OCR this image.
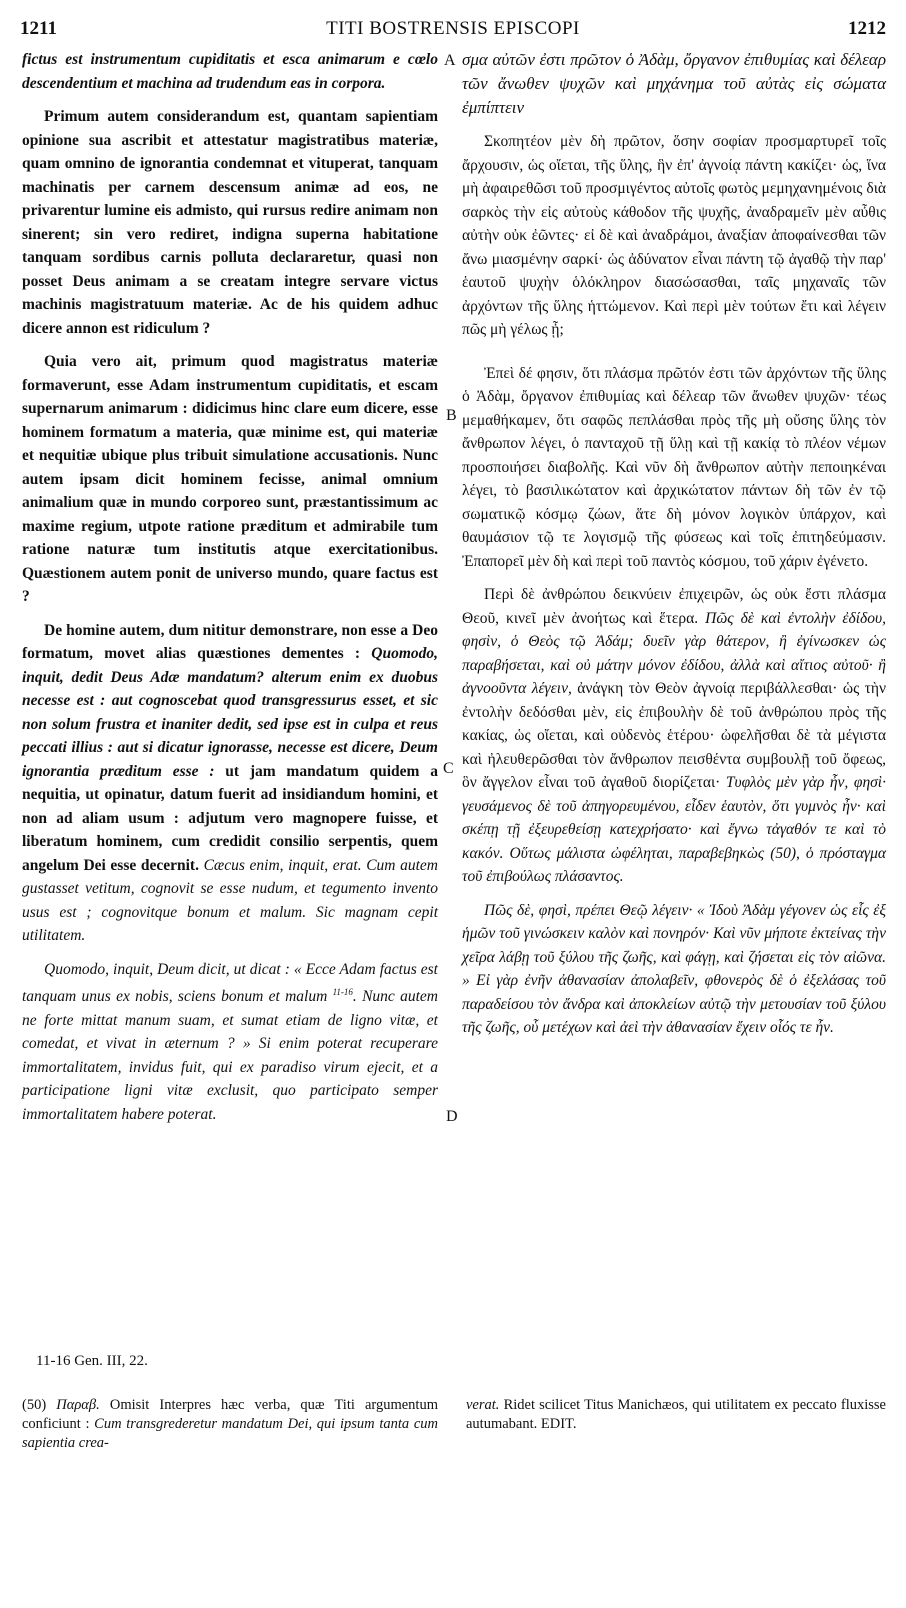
1211	TITI BOSTRENSIS EPISCOPI	1212

fictus est instrumentum cupiditatis et esca animarum e cœlo descendentium et machina ad trudendum eas in corpora.

Primum autem considerandum est, quantam sapientiam opinione sua ascribit et attestatur magistratibus materiæ, quam omnino de ignorantia condemnat et vituperat, tanquam machinatis per carnem descensum animæ ad eos, ne privarentur lumine eis admisto, qui rursus redire animam non sinerent; sin vero rediret, indigna superna habitatione tanquam sordibus carnis polluta declararetur, quasi non posset Deus animam a se creatam integre servare victus machinis magistratuum materiæ. Ac de his quidem adhuc dicere annon est ridiculum ?

Quia vero ait, primum quod magistratus materiæ formaverunt, esse Adam instrumentum cupiditatis, et escam supernarum animarum : didicimus hinc clare eum dicere, esse hominem formatum a materia, quæ minime est, qui materiæ et nequitiæ ubique plus tribuit simulatione accusationis. Nunc autem ipsam dicit hominem fecisse, animal omnium animalium quæ in mundo corporeo sunt, præstantissimum ac maxime regium, utpote ratione præditum et admirabile tum ratione naturæ tum institutis atque exercitationibus. Quæstionem autem ponit de universo mundo, quare factus est ?

De homine autem, dum nititur demonstrare, non esse a Deo formatum, movet alias quæstiones dementes : Quomodo, inquit, dedit Deus Adæ mandatum? alterum enim ex duobus necesse est : aut cognoscebat quod transgressurus esset, et sic non solum frustra et inaniter dedit, sed ipse est in culpa et reus peccati illius : aut si dicatur ignorasse, necesse est dicere, Deum ignorantia præditum esse : ut jam mandatum quidem a nequitia, ut opinatur, datum fuerit ad insidiandum homini, et non ad aliam usum : adjutum vero magnopere fuisse, et liberatum hominem, cum credidit consilio serpentis, quem angelum Dei esse decernit. Cæcus enim, inquit, erat. Cum autem gustasset vetitum, cognovit se esse nudum, et tegumento invento usus est ; cognovitque bonum et malum. Sic magnam cepit utilitatem.

Quomodo, inquit, Deum dicit, ut dicat : « Ecce Adam factus est tanquam unus ex nobis, sciens bonum et malum $^{11-16}$. Nunc autem ne forte mittat manum suam, et sumat etiam de ligno vitæ, et comedat, et vivat in æternum ? » Si enim poterat recuperare immortalitatem, invidus fuit, qui ex paradiso virum ejecit, et a participatione ligni vitæ exclusit, quo participato semper immortalitatem habere poterat.

A
B
C
D

σμα αὐτῶν ἐστι πρῶτον ὁ Ἀδὰμ, ὄργανον ἐπιθυμίας καὶ δέλεαρ τῶν ἄνωθεν ψυχῶν καὶ μηχάνημα τοῦ αὐτὰς εἰς σώματα ἐμπίπτειν

Σκοπητέον μὲν δὴ πρῶτον, ὅσην σοφίαν προσμαρτυρεῖ τοῖς ἄρχουσιν, ὡς οἴεται, τῆς ὕλης, ἣν ἐπ' ἀγνοίᾳ πάντη κακίζει· ὡς, ἵνα μὴ ἀφαιρεθῶσι τοῦ προσμιγέντος αὐτοῖς φωτὸς μεμηχανημένοις διὰ σαρκὸς τὴν εἰς αὐτοὺς κάθοδον τῆς ψυχῆς, ἀναδραμεῖν μὲν αὖθις αὐτὴν οὐκ ἐῶντες· εἰ δὲ καὶ ἀναδράμοι, ἀναξίαν ἀποφαίνεσθαι τῶν ἄνω μιασμένην σαρκί· ὡς ἀδύνατον εἶναι πάντη τῷ ἀγαθῷ τὴν παρ' ἑαυτοῦ ψυχὴν ὁλόκληρον διασώσασθαι, ταῖς μηχαναῖς τῶν ἀρχόντων τῆς ὕλης ἡττώμενον. Καὶ περὶ μὲν τούτων ἔτι καὶ λέγειν πῶς μὴ γέλως ᾖ;

Ἐπεὶ δέ φησιν, ὅτι πλάσμα πρῶτόν ἐστι τῶν ἀρχόντων τῆς ὕλης ὁ Ἀδὰμ, ὄργανον ἐπιθυμίας καὶ δέλεαρ τῶν ἄνωθεν ψυχῶν· τέως μεμαθήκαμεν, ὅτι σαφῶς πεπλάσθαι πρὸς τῆς μὴ οὔσης ὕλης τὸν ἄνθρωπον λέγει, ὁ πανταχοῦ τῇ ὕλῃ καὶ τῇ κακίᾳ τὸ πλέον νέμων προσποιήσει διαβολῆς. Καὶ νῦν δὴ ἄνθρωπον αὐτὴν πεποιηκέναι λέγει, τὸ βασιλικώτατον καὶ ἀρχικώτατον πάντων δὴ τῶν ἐν τῷ σωματικῷ κόσμῳ ζώων, ἅτε δὴ μόνον λογικὸν ὑπάρχον, καὶ θαυμάσιον τῷ τε λογισμῷ τῆς φύσεως καὶ τοῖς ἐπιτηδεύμασιν. Ἐπαπορεῖ μὲν δὴ καὶ περὶ τοῦ παντὸς κόσμου, τοῦ χάριν ἐγένετο.

Περὶ δὲ ἀνθρώπου δεικνύειν ἐπιχειρῶν, ὡς οὐκ ἔστι πλάσμα Θεοῦ, κινεῖ μὲν ἀνοήτως καὶ ἕτερα. Πῶς δὲ καὶ ἐντολὴν ἐδίδου, φησὶν, ὁ Θεὸς τῷ Ἀδάμ; δυεῖν γὰρ θάτερον, ἢ ἐγίνωσκεν ὡς παραβήσεται, καὶ οὐ μάτην μόνον ἐδίδου, ἀλλὰ καὶ αἴτιος αὐτοῦ· ἢ ἀγνοοῦντα λέγειν, ἀνάγκη τὸν Θεὸν ἀγνοίᾳ περιβάλλεσθαι· ὡς τὴν ἐντολὴν δεδόσθαι μὲν, εἰς ἐπιβουλὴν δὲ τοῦ ἀνθρώπου πρὸς τῆς κακίας, ὡς οἴεται, καὶ οὐδενὸς ἑτέρου· ὠφελῆσθαι δὲ τὰ μέγιστα καὶ ἠλευθερῶσθαι τὸν ἄνθρωπον πεισθέντα συμβουλῇ τοῦ ὄφεως, ὃν ἄγγελον εἶναι τοῦ ἀγαθοῦ διορίζεται· Τυφλὸς μὲν γὰρ ἦν, φησὶ· γευσάμενος δὲ τοῦ ἀπηγορευμένου, εἶδεν ἑαυτὸν, ὅτι γυμνὸς ἦν· καὶ σκέπῃ τῇ ἐξευρεθείσῃ κατεχρήσατο· καὶ ἔγνω τἀγαθόν τε καὶ τὸ κακόν. Οὕτως μάλιστα ὠφέληται, παραβεβηκὼς (50), ὁ πρόσταγμα τοῦ ἐπιβούλως πλάσαντος.

Πῶς δὲ, φησὶ, πρέπει Θεῷ λέγειν· « Ἰδοὺ Ἀδὰμ γέγονεν ὡς εἷς ἐξ ἡμῶν τοῦ γινώσκειν καλὸν καὶ πονηρόν· Καὶ νῦν μήποτε ἐκτείνας τὴν χεῖρα λάβῃ τοῦ ξύλου τῆς ζωῆς, καὶ φάγῃ, καὶ ζήσεται εἰς τὸν αἰῶνα. » Εἰ γὰρ ἐνῆν ἀθανασίαν ἀπολαβεῖν, φθονερὸς δὲ ὁ ἐξελάσας τοῦ παραδείσου τὸν ἄνδρα καὶ ἀποκλείων αὐτῷ τὴν μετουσίαν τοῦ ξύλου τῆς ζωῆς, οὗ μετέχων καὶ ἀεὶ τὴν ἀθανασίαν ἔχειν οἷός τε ἦν.

11-16 Gen. III, 22.
(50) Παραβ. Omisit Interpres hæc verba, quæ Titi argumentum conficiunt : Cum transgrederetur mandatum Dei, qui ipsum tanta cum sapientia crea-
verat. Ridet scilicet Titus Manichæos, qui utilitatem ex peccato fluxisse autumabant. EDIT.
